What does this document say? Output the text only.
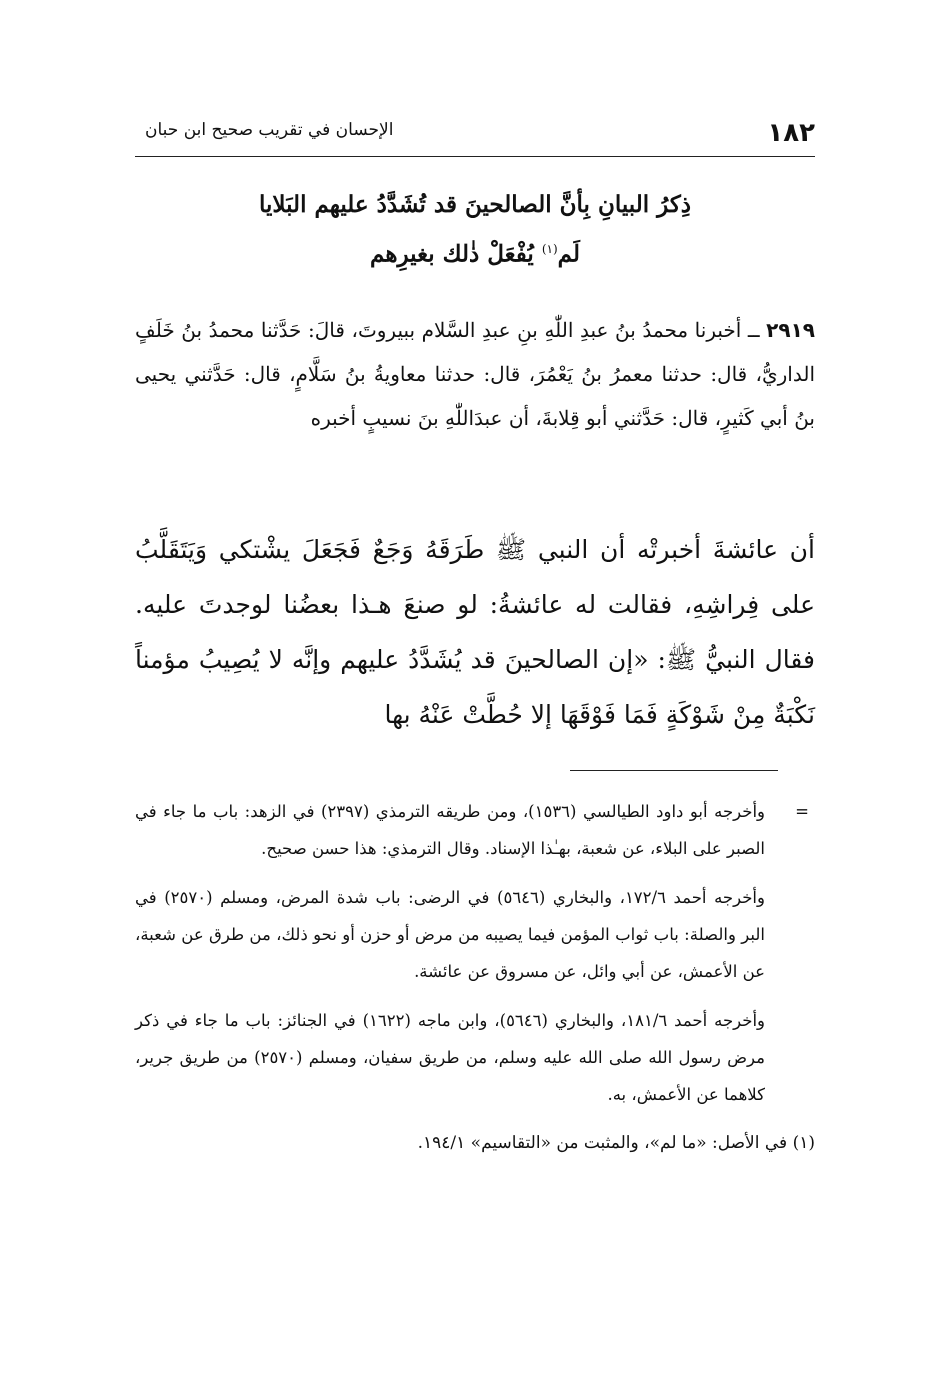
١٨٢
الإحسان في تقريب صحيح ابن حبان
ذِكرُ البيانِ بِأنَّ الصالحينَ قد تُشَدَّدُ عليهم البَلايا
لَم$^{(١)}$ يُفْعَلْ ذٰلك بغيرِهم
٢٩١٩ ــ أخبرنا محمدُ بنُ عبدِ اللّٰهِ بنِ عبدِ السَّلام ببيروتَ، قالَ: حَدَّثنا محمدُ بنُ خَلَفٍ الداريُّ، قال: حدثنا معمرُ بنُ يَعْمُرَ، قال: حدثنا معاويةُ بنُ سَلَّامٍ، قال: حَدَّثني يحيى بنُ أبي كَثيرٍ، قال: حَدَّثني أبو قِلابةَ، أن عبدَاللّٰهِ بنَ نسيبٍ أخبره
أن عائشةَ أخبرتْه أن النبي ﷺ طَرَقَهُ وَجَعٌ فَجَعَلَ يشْتكي وَيَتَقَلَّبُ على فِراشِهِ، فقالت له عائشةُ: لو صنعَ هـذا بعضُنا لوجدتَ عليه. فقال النبيُّ ﷺ: «إن الصالحينَ قد يُشَدَّدُ عليهم وإنَّه لا يُصِيبُ مؤمناً نَكْبَةٌ مِنْ شَوْكَةٍ فَمَا فَوْقَهَا إلا حُطَّتْ عَنْهُ بها
=

وأخرجه أبو داود الطيالسي (١٥٣٦)، ومن طريقه الترمذي (٢٣٩٧) في الزهد: باب ما جاء في الصبر على البلاء، عن شعبة، بهـٰذا الإسناد. وقال الترمذي: هذا حسن صحيح.

وأخرجه أحمد ١٧٢/٦، والبخاري (٥٦٤٦) في الرضى: باب شدة المرض، ومسلم (٢٥٧٠) في البر والصلة: باب ثواب المؤمن فيما يصيبه من مرض أو حزن أو نحو ذلك، من طرق عن شعبة، عن الأعمش، عن أبي وائل، عن مسروق عن عائشة.

وأخرجه أحمد ١٨١/٦، والبخاري (٥٦٤٦)، وابن ماجه (١٦٢٢) في الجنائز: باب ما جاء في ذكر مرض رسول الله صلى الله عليه وسلم، من طريق سفيان، ومسلم (٢٥٧٠) من طريق جرير، كلاهما عن الأعمش، به.

(١) في الأصل: «ما لم»، والمثبت من «التقاسيم» ١٩٤/١.
